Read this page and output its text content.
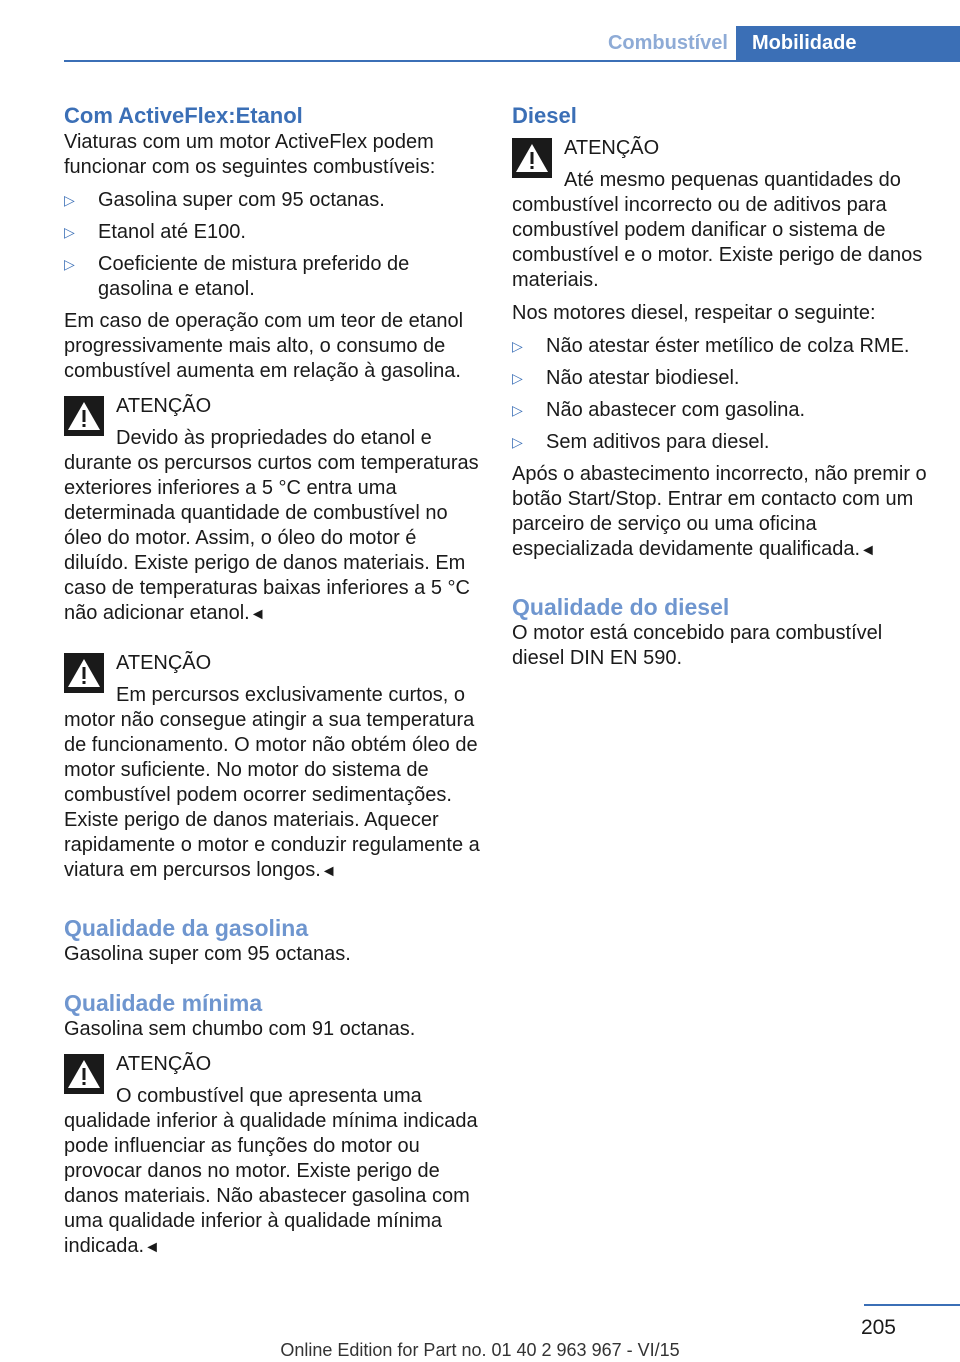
Combustível	Mobilidade
Com ActiveFlex:Etanol

Viaturas com um motor ActiveFlex podem funcionar com os seguintes combustíveis:

▷ Gasolina super com 95 octanas.
▷ Etanol até E100.
▷ Coeficiente de mistura preferido de gasolina e etanol.

Em caso de operação com um teor de etanol progressivamente mais alto, o consumo de combustível aumenta em relação à gasolina.

ATENÇÃO

Devido às propriedades do etanol e durante os percursos curtos com temperaturas exteriores inferiores a 5 °C entra uma determinada quantidade de combustível no óleo do motor. Assim, o óleo do motor é diluído. Existe perigo de danos materiais. Em caso de temperaturas baixas inferiores a 5 °C não adicionar etanol.◄

ATENÇÃO

Em percursos exclusivamente curtos, o motor não consegue atingir a sua temperatura de funcionamento. O motor não obtém óleo de motor suficiente. No motor do sistema de combustível podem ocorrer sedimentações. Existe perigo de danos materiais. Aquecer rapidamente o motor e conduzir regulamente a viatura em percursos longos.◄

Qualidade da gasolina

Gasolina super com 95 octanas.

Qualidade mínima

Gasolina sem chumbo com 91 octanas.

ATENÇÃO

O combustível que apresenta uma qualidade inferior à qualidade mínima indicada pode influenciar as funções do motor ou provocar danos no motor. Existe perigo de danos materiais. Não abastecer gasolina com uma qualidade inferior à qualidade mínima indicada.◄

Diesel
ATENÇÃO

Até mesmo pequenas quantidades do combustível incorrecto ou de aditivos para combustível podem danificar o sistema de combustível e o motor. Existe perigo de danos materiais.

Nos motores diesel, respeitar o seguinte:

▷ Não atestar éster metílico de colza RME.
▷ Não atestar biodiesel.
▷ Não abastecer com gasolina.
▷ Sem aditivos para diesel.

Após o abastecimento incorrecto, não premir o botão Start/Stop. Entrar em contacto com um parceiro de serviço ou uma oficina especializada devidamente qualificada.◄

Qualidade do diesel

O motor está concebido para combustível diesel DIN EN 590.

205
Online Edition for Part no. 01 40 2 963 967 - VI/15
